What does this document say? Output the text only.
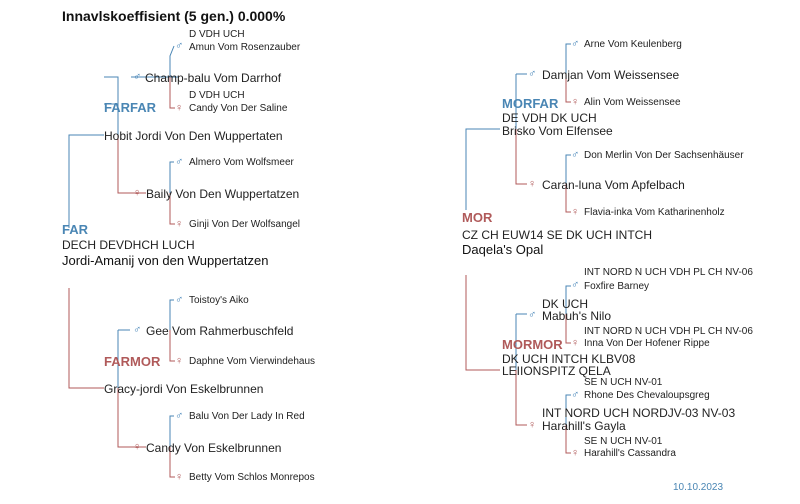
Innavlskoeffisient (5 gen.) 0.000%
D VDH UCH
♂ Amun Vom Rosenzauber
♂ Champ-balu Vom Darrhof
FARFAR
D VDH UCH
♀ Candy Von Der Saline
Hobit Jordi Von Den Wuppertaten
♂ Almero Vom Wolfsmeer
♀ Baily Von Den Wuppertatzen
♀ Ginji Von Der Wolfsangel
FAR
DECH DEVDHCH LUCH
Jordi-Amanij von den Wuppertatzen
♂ Toistoy's Aiko
♂ Gee Vom Rahmerbuschfeld
FARMOR ♀ Daphne Vom Vierwindehaus
Gracy-jordi Von Eskelbrunnen
♂ Balu Von Der Lady In Red
♀ Candy Von Eskelbrunnen
♀ Betty Vom Schlos Monrepos
♂ Arne Vom Keulenberg
♂ Damjan Vom Weissensee
MORFAR ♀ Alin Vom Weissensee
DE VDH DK UCH
Brisko Vom Elfensee
♂ Don Merlin Von Der Sachsenhäuser
♀ Caran-luna Vom Apfelbach
♀ Flavia-inka Vom Katharinenholz
MOR
CZ CH EUW14 SE DK UCH INTCH
Daqela's Opal
INT NORD N UCH VDH PL CH NV-06
♂ Foxfire Barney
DK UCH
♂ Mabuh's Nilo
INT NORD N UCH VDH PL CH NV-06
♀ Inna Von Der Hofener Rippe
MORMOR
DK UCH INTCH KLBV08
LEIIONSPITZ QELA
SE N UCH NV-01
♂ Rhone Des Chevaloupsgreg
INT NORD UCH NORDJV-03 NV-03
♀ Harahill's Gayla
SE N UCH NV-01
♀ Harahill's Cassandra
10.10.2023
